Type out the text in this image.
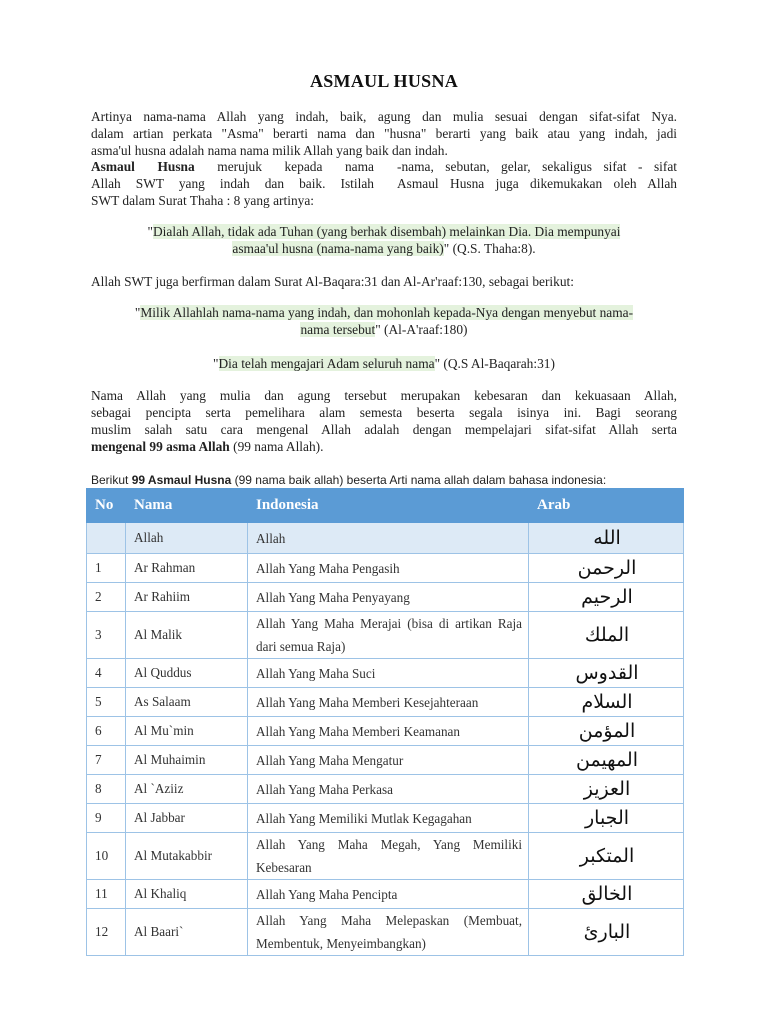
ASMAUL HUSNA
Artinya nama-nama Allah yang indah, baik, agung dan mulia sesuai dengan sifat-sifat Nya.
dalam artian perkata "Asma" berarti nama dan "husna" berarti yang baik atau yang indah, jadi
asma'ul husna adalah nama nama milik Allah yang baik dan indah.
Asmaul Husna merujuk kepada nama
Allah SWT yang indah dan baik. Istilah
SWT dalam Surat Thaha : 8 yang artinya:
-nama, sebutan, gelar, sekaligus sifat - sifat
Asmaul Husna juga dikemukakan oleh Allah
"Dialah Allah, tidak ada Tuhan (yang berhak disembah) melainkan Dia. Dia mempunyai
asmaa'ul husna (nama-nama yang baik)" (Q.S. Thaha:8).
Allah SWT juga berfirman dalam Surat Al-Baqara:31 dan Al-Ar'raaf:130, sebagai berikut:
"Milik Allahlah nama-nama yang indah, dan mohonlah kepada-Nya dengan menyebut nama-
nama tersebut" (Al-A'raaf:180)
"Dia telah mengajari Adam seluruh nama" (Q.S Al-Baqarah:31)
Nama Allah yang mulia dan agung tersebut merupakan kebesaran dan kekuasaan Allah,
sebagai pencipta serta pemelihara alam semesta beserta segala isinya ini. Bagi seorang
muslim salah satu cara mengenal Allah adalah dengan mempelajari sifat-sifat Allah serta
mengenal 99 asma Allah (99 nama Allah).
Berikut 99 Asmaul Husna (99 nama baik allah) beserta Arti nama allah dalam bahasa indonesia:
No	Nama	Indonesia	Arab
	Allah	Allah	الله
1	Ar Rahman	Allah Yang Maha Pengasih	الرحمن
2	Ar Rahiim	Allah Yang Maha Penyayang	الرحيم
3	Al Malik	Allah Yang Maha Merajai (bisa di artikan Raja dari semua Raja)	الملك
4	Al Quddus	Allah Yang Maha Suci	القدوس
5	As Salaam	Allah Yang Maha Memberi Kesejahteraan	السلام
6	Al Mu`min	Allah Yang Maha Memberi Keamanan	المؤمن
7	Al Muhaimin	Allah Yang Maha Mengatur	المهيمن
8	Al `Aziiz	Allah Yang Maha Perkasa	العزيز
9	Al Jabbar	Allah Yang Memiliki Mutlak Kegagahan	الجبار
10	Al Mutakabbir	Allah Yang Maha Megah, Yang Memiliki Kebesaran	المتكبر
11	Al Khaliq	Allah Yang Maha Pencipta	الخالق
12	Al Baari`	Allah Yang Maha Melepaskan (Membuat, Membentuk, Menyeimbangkan)	البارئ
